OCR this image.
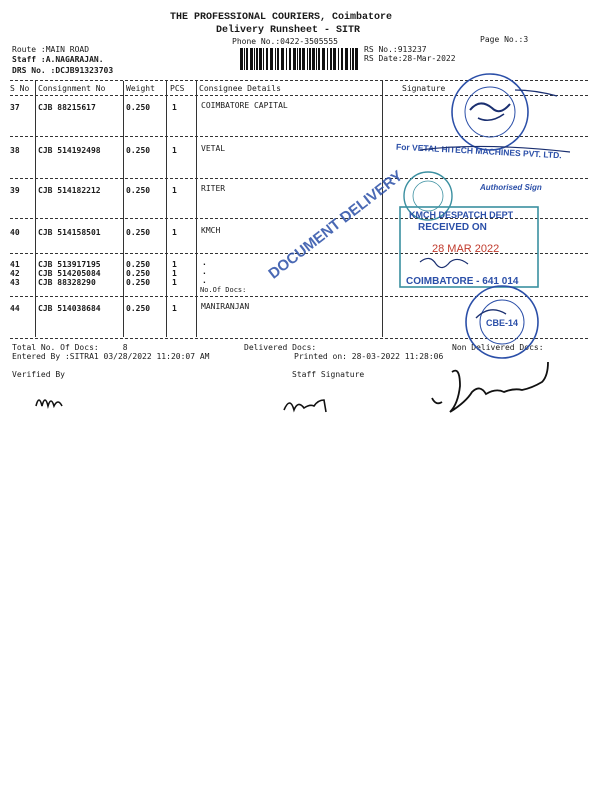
THE PROFESSIONAL COURIERS, Coimbatore
Delivery Runsheet - SITR
Phone No.:0422-3505555	Page No.:3
Route :MAIN ROAD
Staff :A.NAGARAJAN.
DRS No. :DCJB91323703
RS No.:913237
RS Date:28-Mar-2022
S No Consignment No	Weight PCS Consignee Details	Signature
37 CJB 88215617	0.250	1	COIMBATORE CAPITAL
38 CJB 514192498	0.250	1	VETAL
39 CJB 514182212	0.250	1	RITER
40 CJB 514158501	0.250	1	KMCH
41 CJB 513917195	0.250	1	.
42 CJB 514205084	0.250	1	.
43 CJB 88328290	0.250	1	.
No.Of Docs:
44 CJB 514038684	0.250	1	MANIRANJAN
Total No. Of Docs:     8	Delivered Docs:	Non Delivered Docs:
Entered By :SITRA1 03/28/2022 11:20:07 AM	Printed on: 28-03-2022 11:28:06
Verified By	Staff Signature
For VETAL HITECH MACHINES PVT. LTD.
Authorised Sign
DOCUMENT DELIVERY KMCH DESPATCH DEPT
RECEIVED ON
28 MAR 2022
COIMBATORE - 641 014
CBE-14
